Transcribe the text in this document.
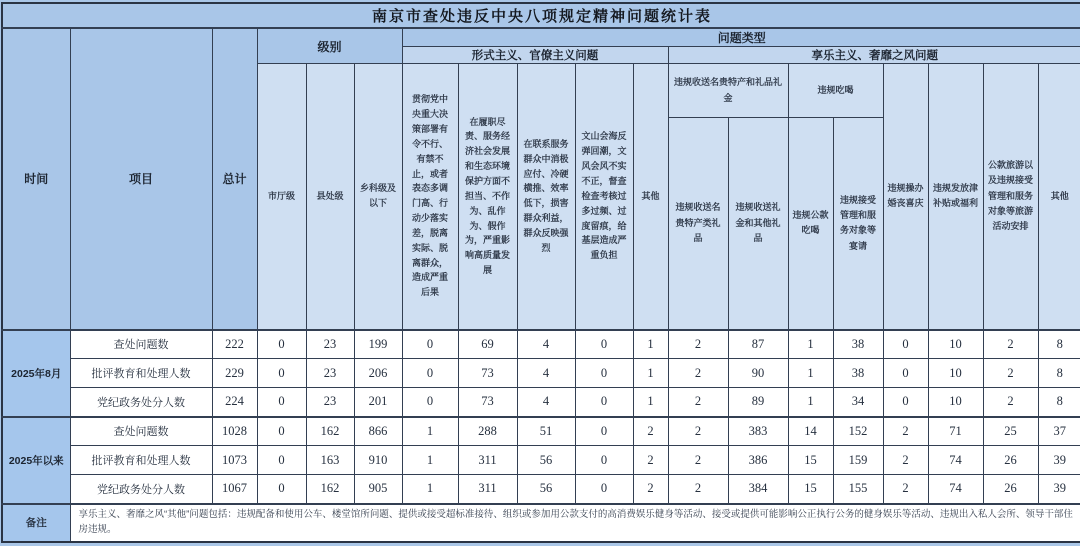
南京市查处违反中央八项规定精神问题统计表																		
时间	项目	总计	级别			问题类型												
						形式主义、官僚主义问题					享乐主义、奢靡之风问题							
			市厅级	县处级	乡科级及以下	贯彻党中央重大决策部署有令不行、有禁不止，或者表态多调门高、行动少落实差，脱离实际、脱离群众，造成严重后果	在履职尽责、服务经济社会发展和生态环境保护方面不担当、不作为、乱作为、假作为，严重影响高质量发展	在联系服务群众中消极应付、冷硬横推、效率低下，损害群众利益，群众反映强烈	文山会海反弹回潮，文风会风不实不正，督查检查考核过多过频、过度留痕，给基层造成严重负担	其他	违规收送名贵特产和礼品礼金		违规吃喝		违规操办婚丧喜庆	违规发放津补贴或福利	公款旅游以及违规接受管理和服务对象等旅游活动安排	其他
											违规收送名贵特产类礼品	违规收送礼金和其他礼品	违规公款吃喝	违规接受管理和服务对象等宴请				
2025年8月	查处问题数	222	0	23	199	0	69	4	0	1	2	87	1	38	0	10	2	8
	批评教育和处理人数	229	0	23	206	0	73	4	0	1	2	90	1	38	0	10	2	8
	党纪政务处分人数	224	0	23	201	0	73	4	0	1	2	89	1	34	0	10	2	8
2025年以来	查处问题数	1028	0	162	866	1	288	51	0	2	2	383	14	152	2	71	25	37
	批评教育和处理人数	1073	0	163	910	1	311	56	0	2	2	386	15	159	2	74	26	39
	党纪政务处分人数	1067	0	162	905	1	311	56	0	2	2	384	15	155	2	74	26	39
备注	享乐主义、奢靡之风“其他”问题包括：违规配备和使用公车、楼堂馆所问题、提供或接受超标准接待、组织或参加用公款支付的高消费娱乐健身等活动、接受或提供可能影响公正执行公务的健身娱乐等活动、违规出入私人会所、领导干部住房违规。																	
